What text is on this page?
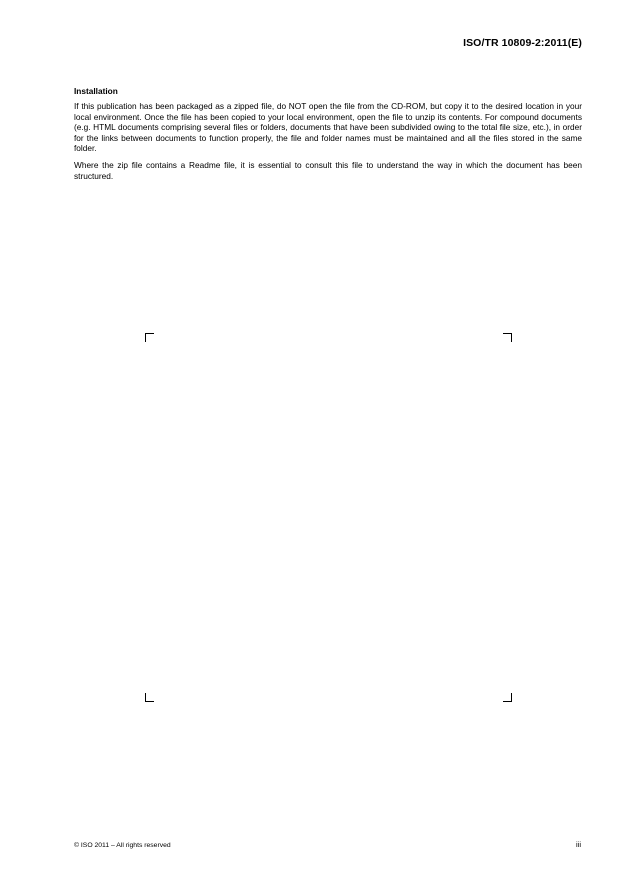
ISO/TR 10809-2:2011(E)
Installation

If this publication has been packaged as a zipped file, do NOT open the file from the CD-ROM, but copy it to the desired location in your local environment. Once the file has been copied to your local environment, open the file to unzip its contents. For compound documents (e.g. HTML documents comprising several files or folders, documents that have been subdivided owing to the total file size, etc.), in order for the links between documents to function properly, the file and folder names must be maintained and all the files stored in the same folder.

Where the zip file contains a Readme file, it is essential to consult this file to understand the way in which the document has been structured.

© ISO 2011 – All rights reserved	iii
